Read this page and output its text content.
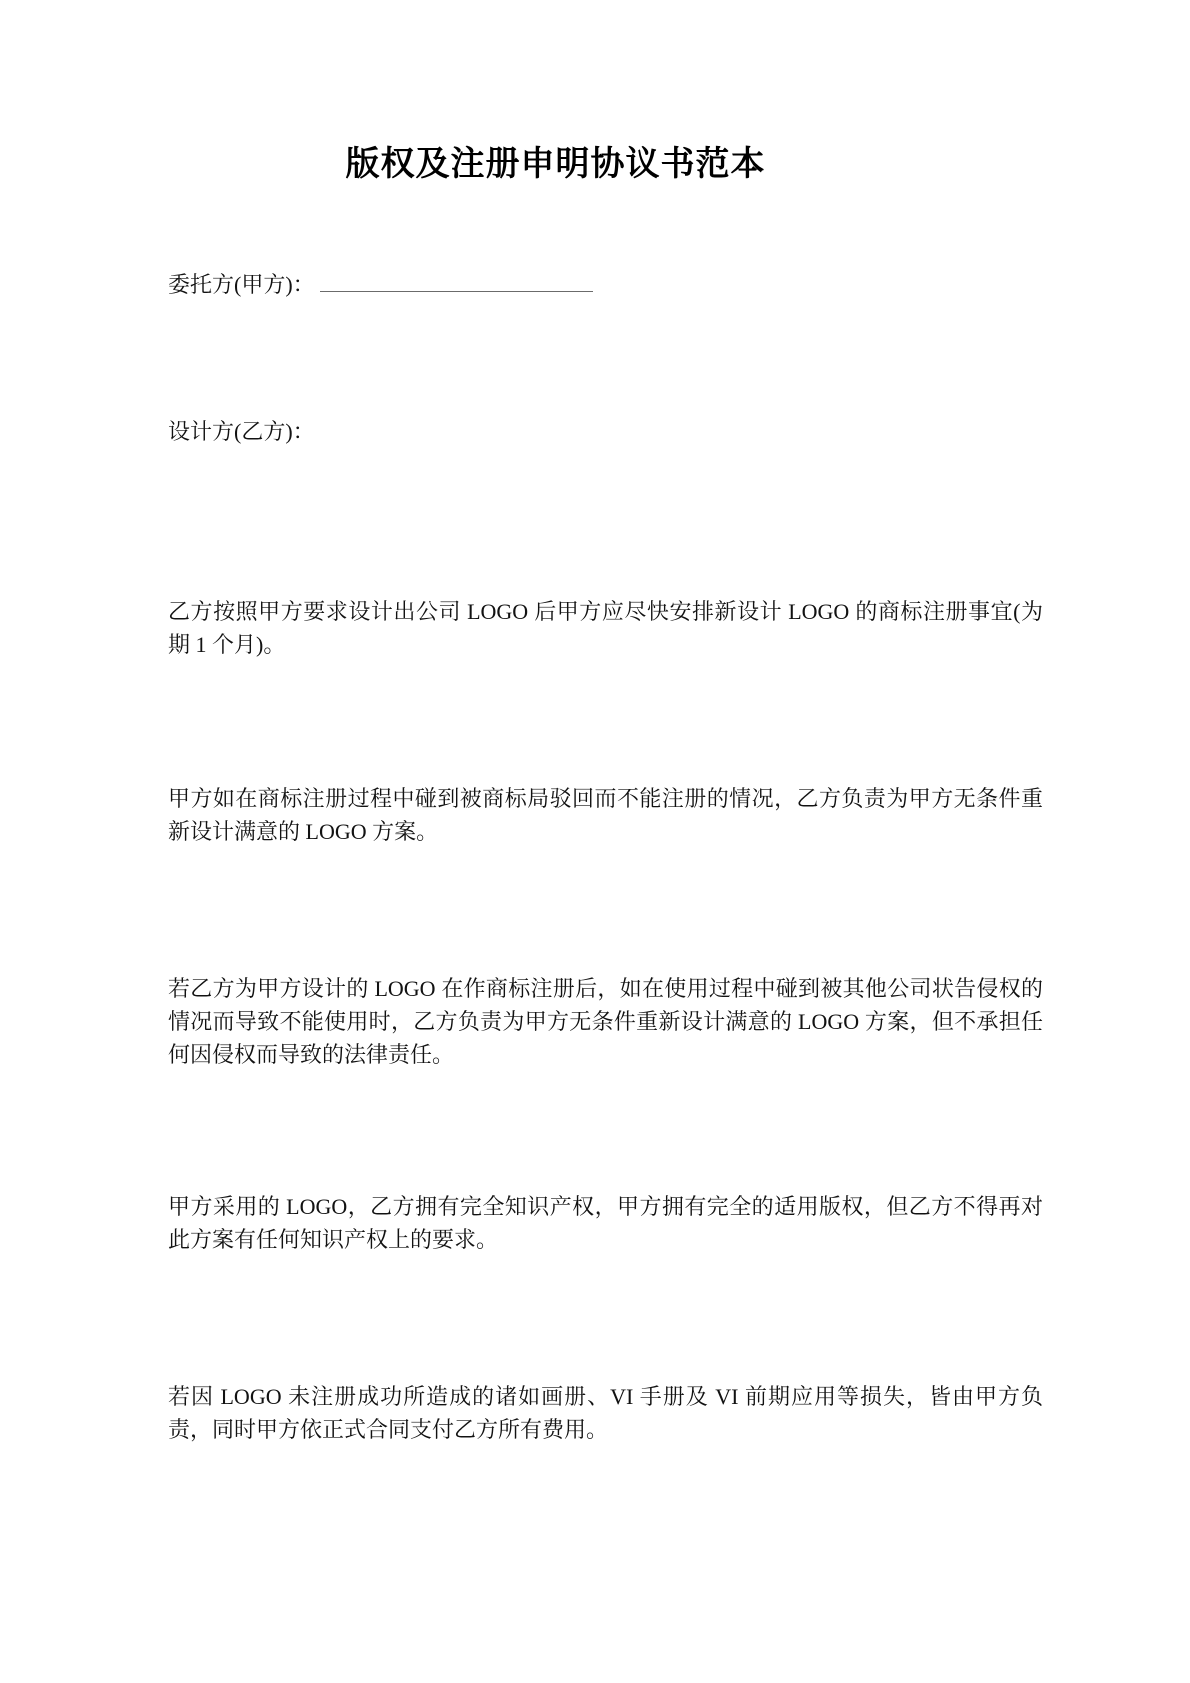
版权及注册申明协议书范本
委托方(甲方)：
设计方(乙方)：

乙方按照甲方要求设计出公司 LOGO 后甲方应尽快安排新设计 LOGO 的商标注册事宜(为期 1 个月)。

甲方如在商标注册过程中碰到被商标局驳回而不能注册的情况，乙方负责为甲方无条件重新设计满意的 LOGO 方案。

若乙方为甲方设计的 LOGO 在作商标注册后，如在使用过程中碰到被其他公司状告侵权的情况而导致不能使用时，乙方负责为甲方无条件重新设计满意的 LOGO 方案，但不承担任何因侵权而导致的法律责任。

甲方采用的 LOGO，乙方拥有完全知识产权，甲方拥有完全的适用版权，但乙方不得再对此方案有任何知识产权上的要求。

若因 LOGO 未注册成功所造成的诸如画册、VI 手册及 VI 前期应用等损失，皆由甲方负责，同时甲方依正式合同支付乙方所有费用。
